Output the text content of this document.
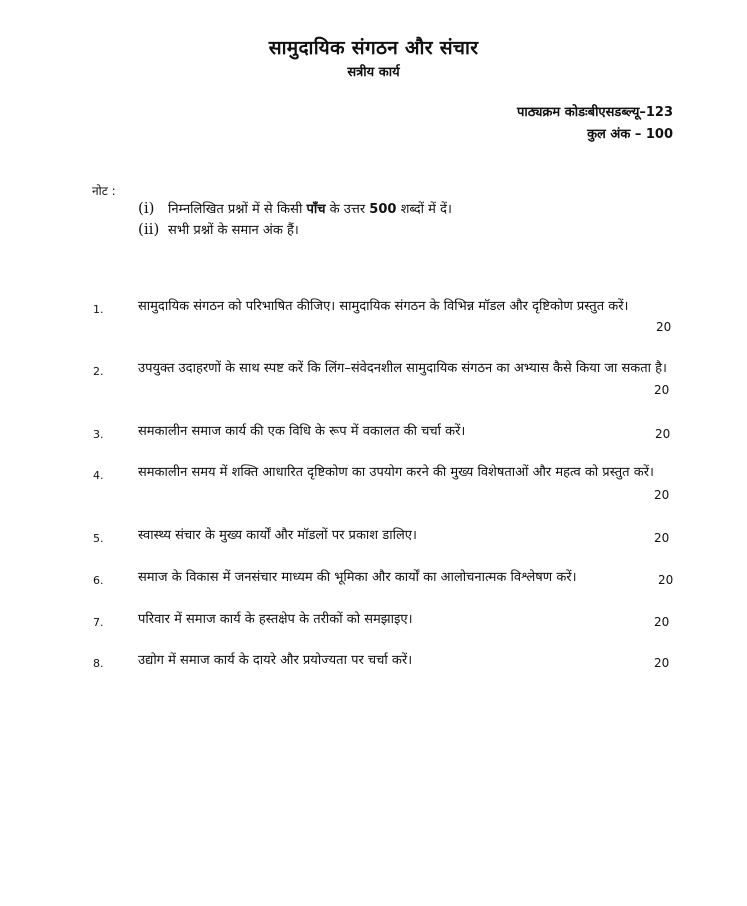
सामुदायिक संगठन और संचार
सत्रीय कार्य
पाठ्यक्रम कोडःबीएसडब्ल्यू–123
कुल अंक – 100
नोट :
(i) निम्नलिखित प्रश्नों में से किसी पाँच के उत्तर 500 शब्दों में दें।
(ii) सभी प्रश्नों के समान अंक हैं।
1.	सामुदायिक संगठन को परिभाषित कीजिए। सामुदायिक संगठन के विभिन्न मॉडल और दृष्टिकोण प्रस्तुत करें।
20
2.	उपयुक्त उदाहरणों के साथ स्पष्ट करें कि लिंग–संवेदनशील सामुदायिक संगठन का अभ्यास कैसे किया जा सकता है।
20
3.	समकालीन समाज कार्य की एक विधि के रूप में वकालत की चर्चा करें।	20
4.	समकालीन समय में शक्ति आधारित दृष्टिकोण का उपयोग करने की मुख्य विशेषताओं और महत्व को प्रस्तुत करें।
20
5.	स्वास्थ्य संचार के मुख्य कार्यों और मॉडलों पर प्रकाश डालिए।	20
6.	समाज के विकास में जनसंचार माध्यम की भूमिका और कार्यों का आलोचनात्मक विश्लेषण करें।	20
7.	परिवार में समाज कार्य के हस्तक्षेप के तरीकों को समझाइए।	20
8.	उद्योग में समाज कार्य के दायरे और प्रयोज्यता पर चर्चा करें।	20
